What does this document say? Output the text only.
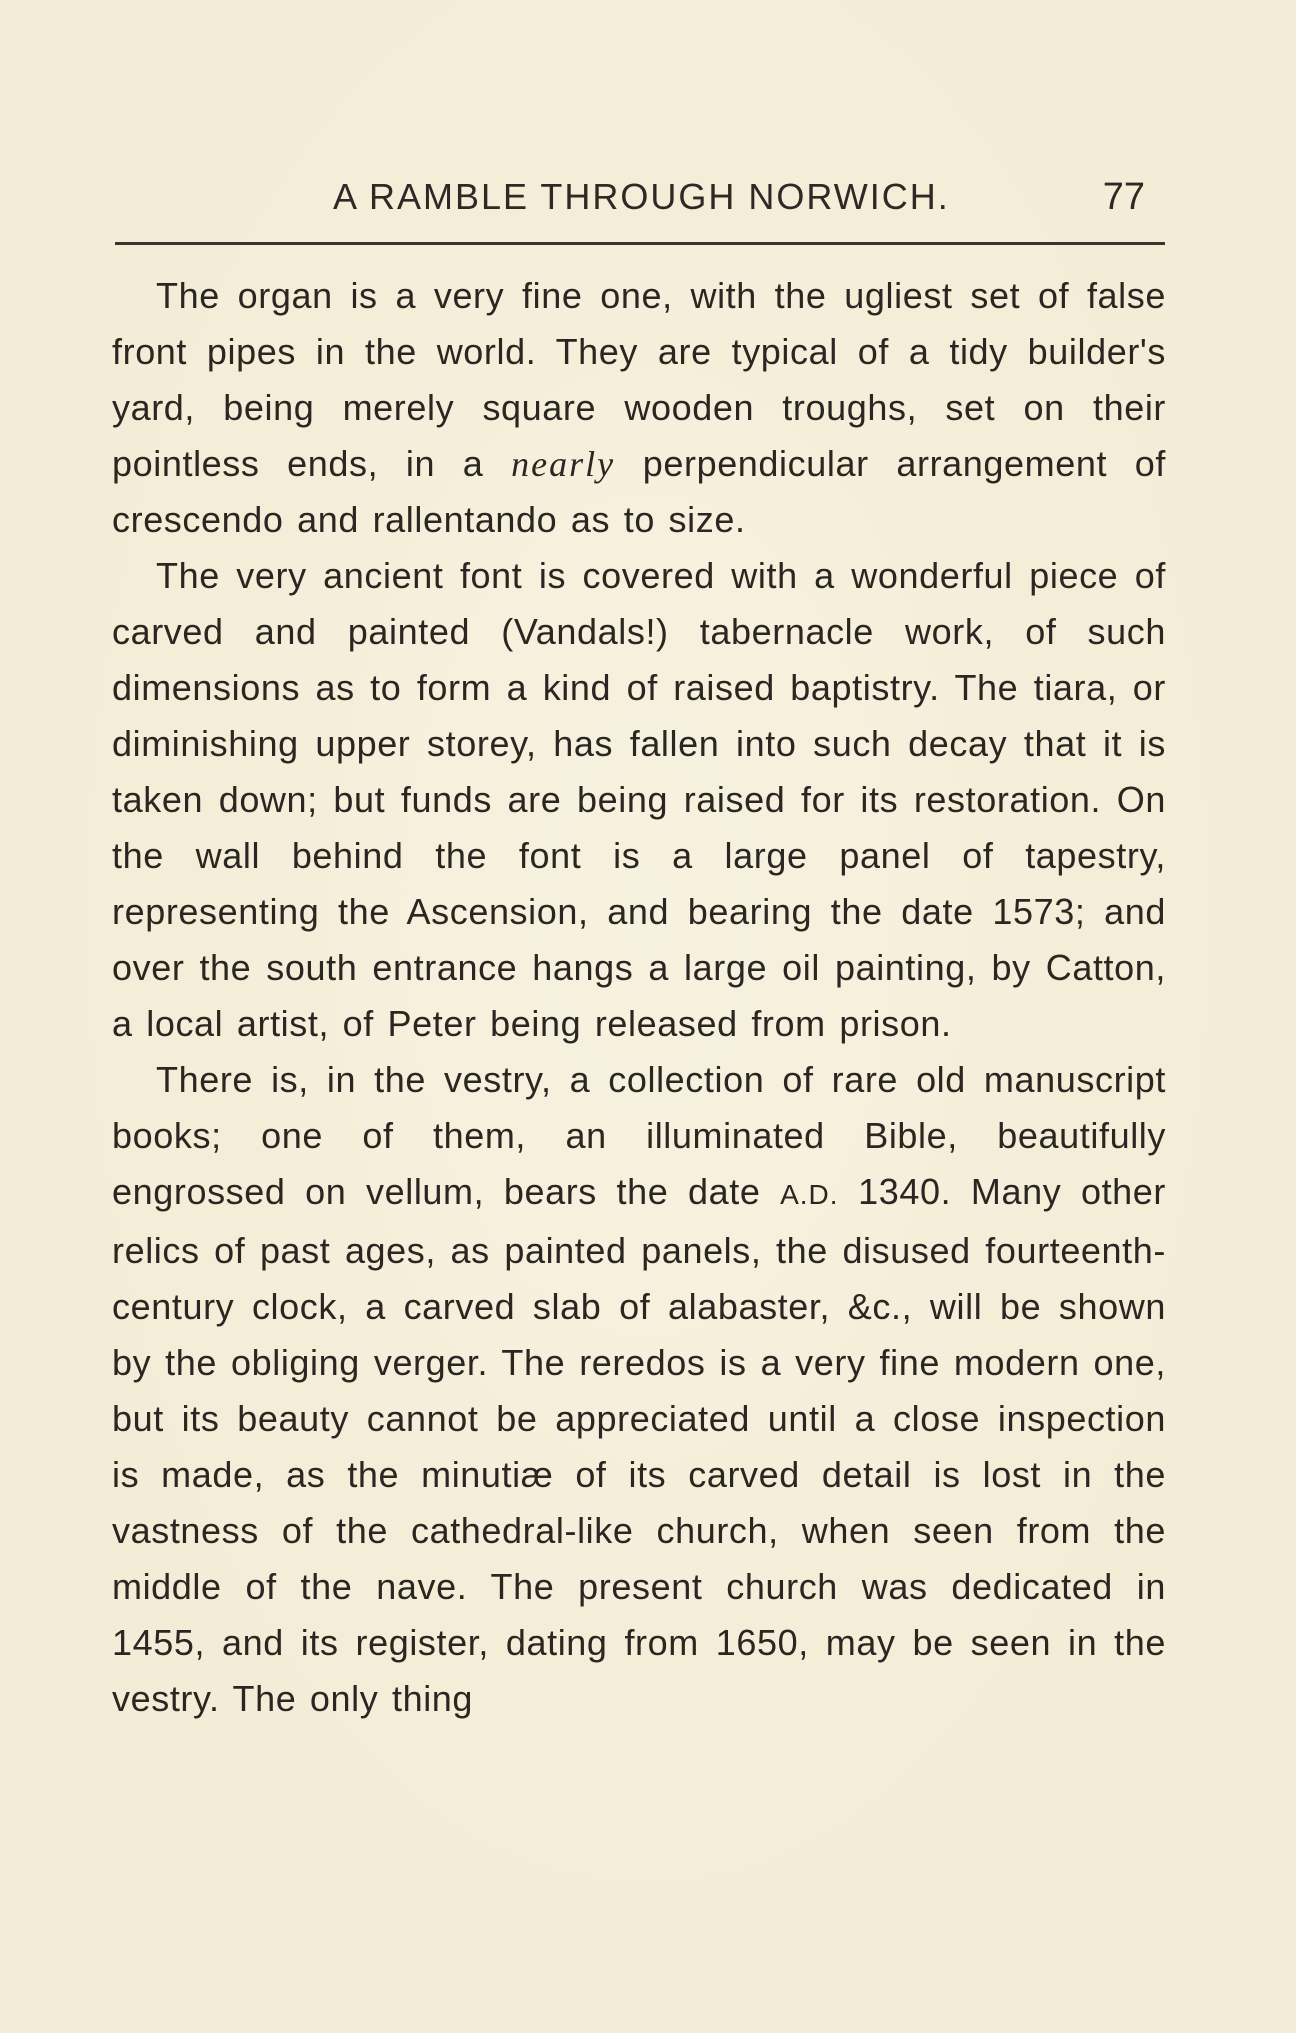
A RAMBLE THROUGH NORWICH.	77

The organ is a very fine one, with the ugliest set of false front pipes in the world. They are typical of a tidy builder's yard, being merely square wooden troughs, set on their pointless ends, in a nearly perpendicular arrangement of crescendo and rallentando as to size.

The very ancient font is covered with a wonderful piece of carved and painted (Vandals!) tabernacle work, of such dimensions as to form a kind of raised baptistry. The tiara, or diminishing upper storey, has fallen into such decay that it is taken down; but funds are being raised for its restoration. On the wall behind the font is a large panel of tapestry, representing the Ascension, and bearing the date 1573; and over the south entrance hangs a large oil painting, by Catton, a local artist, of Peter being released from prison.

There is, in the vestry, a collection of rare old manuscript books; one of them, an illuminated Bible, beautifully engrossed on vellum, bears the date A.D. 1340. Many other relics of past ages, as painted panels, the disused fourteenth-century clock, a carved slab of alabaster, &c., will be shown by the obliging verger. The reredos is a very fine modern one, but its beauty cannot be appreciated until a close inspection is made, as the minutiæ of its carved detail is lost in the vastness of the cathedral-like church, when seen from the middle of the nave. The present church was dedicated in 1455, and its register, dating from 1650, may be seen in the vestry. The only thing
